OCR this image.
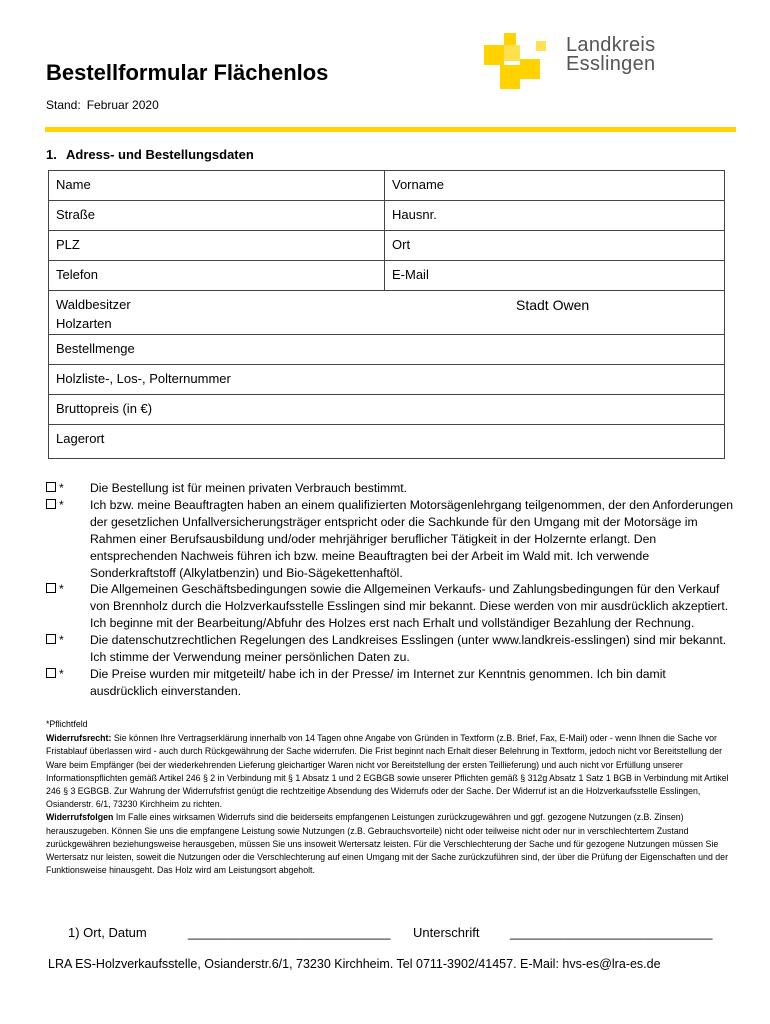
Landkreis
Esslingen
Bestellformular Flächenlos
Stand: Februar 2020
1. Adress- und Bestellungsdaten
Name	Vorname
Straße	Hausnr.
PLZ	Ort
Telefon	E-Mail
Waldbesitzer Stadt Owen
Holzarten	

Bestellmenge	
Holzliste-, Los-, Polternummer	
Bruttopreis (in €)	
Lagerort	
*	Die Bestellung ist für meinen privaten Verbrauch bestimmt.
*	Ich bzw. meine Beauftragten haben an einem qualifizierten Motorsägenlehrgang teilgenommen, der den Anforderungen der gesetzlichen Unfallversicherungsträger entspricht oder die Sachkunde für den Umgang mit der Motorsäge im Rahmen einer Berufsausbildung und/oder mehrjähriger beruflicher Tätigkeit in der Holzernte erlangt. Den entsprechenden Nachweis führen ich bzw. meine Beauftragten bei der Arbeit im Wald mit. Ich verwende Sonderkraftstoff (Alkylatbenzin) und Bio-Sägekettenhaftöl.
*	Die Allgemeinen Geschäftsbedingungen sowie die Allgemeinen Verkaufs- und Zahlungsbedingungen für den Verkauf von Brennholz durch die Holzverkaufsstelle Esslingen sind mir bekannt. Diese werden von mir ausdrücklich akzeptiert. Ich beginne mit der Bearbeitung/Abfuhr des Holzes erst nach Erhalt und vollständiger Bezahlung der Rechnung.
*	Die datenschutzrechtlichen Regelungen des Landkreises Esslingen (unter www.landkreis-esslingen) sind mir bekannt. Ich stimme der Verwendung meiner persönlichen Daten zu.
*	Die Preise wurden mir mitgeteilt/ habe ich in der Presse/ im Internet zur Kenntnis genommen. Ich bin damit ausdrücklich einverstanden.
*Pflichtfeld
Widerrufsrecht: Sie können Ihre Vertragserklärung innerhalb von 14 Tagen ohne Angabe von Gründen in Textform (z.B. Brief, Fax, E-Mail) oder - wenn Ihnen die Sache vor Fristablauf überlassen wird - auch durch Rückgewährung der Sache widerrufen. Die Frist beginnt nach Erhalt dieser Belehrung in Textform, jedoch nicht vor Bereitstellung der Ware beim Empfänger (bei der wiederkehrenden Lieferung gleichartiger Waren nicht vor Bereitstellung der ersten Teillieferung) und auch nicht vor Erfüllung unserer Informationspflichten gemäß Artikel 246 § 2 in Verbindung mit § 1 Absatz 1 und 2 EGBGB sowie unserer Pflichten gemäß § 312g Absatz 1 Satz 1 BGB in Verbindung mit Artikel 246 § 3 EGBGB. Zur Wahrung der Widerrufsfrist genügt die rechtzeitige Absendung des Widerrufs oder der Sache. Der Widerruf ist an die Holzverkaufsstelle Esslingen, Osianderstr. 6/1, 73230 Kirchheim zu richten.
Widerrufsfolgen Im Falle eines wirksamen Widerrufs sind die beiderseits empfangenen Leistungen zurückzugewähren und ggf. gezogene Nutzungen (z.B. Zinsen) herauszugeben. Können Sie uns die empfangene Leistung sowie Nutzungen (z.B. Gebrauchsvorteile) nicht oder teilweise nicht oder nur in verschlechtertem Zustand zurückgewähren beziehungsweise herausgeben, müssen Sie uns insoweit Wertersatz leisten. Für die Verschlechterung der Sache und für gezogene Nutzungen müssen Sie Wertersatz nur leisten, soweit die Nutzungen oder die Verschlechterung auf einen Umgang mit der Sache zurückzuführen sind, der über die Prüfung der Eigenschaften und der Funktionsweise hinausgeht. Das Holz wird am Leistungsort abgeholt.
1) Ort, Datum	____________________________ Unterschrift ____________________________
LRA ES-Holzverkaufsstelle, Osianderstr.6/1, 73230 Kirchheim. Tel 0711-3902/41457. E-Mail: hvs-es@lra-es.de
